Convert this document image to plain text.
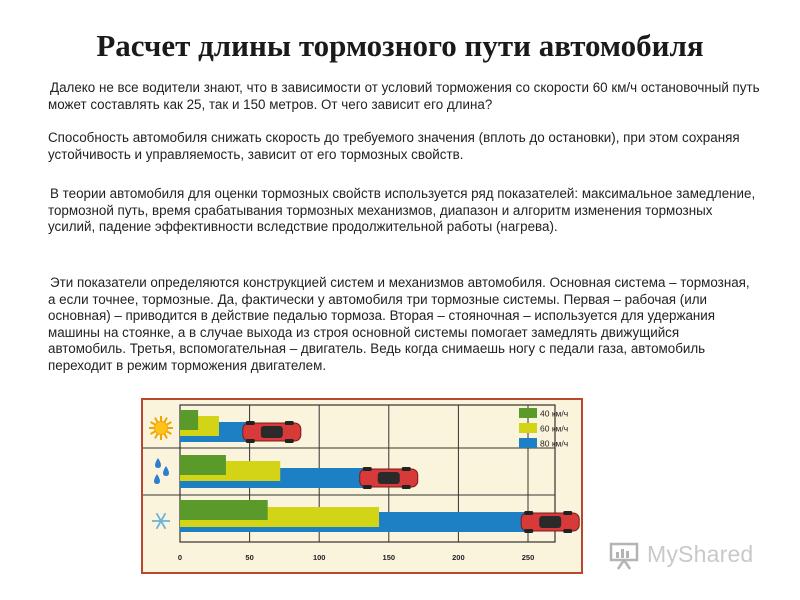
Расчет длины тормозного пути автомобиля

Далеко не все водители знают, что в зависимости от условий торможения со скорости 60 км/ч остановочный путь может составлять как 25, так и 150 метров. От чего зависит его длина?

Способность автомобиля снижать скорость до требуемого значения (вплоть до остановки), при этом сохраняя устойчивость и управляемость, зависит от его тормозных свойств.

В теории автомобиля для оценки тормозных свойств используется ряд показателей: максимальное замедление, тормозной путь, время срабатывания тормозных механизмов, диапазон и алгоритм изменения тормозных усилий, падение эффективности вследствие продолжительной работы (нагрева).

Эти показатели определяются конструкцией систем и механизмов автомобиля. Основная система – тормозная, а если точнее, тормозные. Да, фактически у автомобиля три тормозные системы. Первая – рабочая (или основная) – приводится в действие педалью тормоза. Вторая – стояночная – используется для удержания машины на стоянке, а в случае выхода из строя основной системы помогает замедлять движущийся автомобиль. Третья, вспомогательная – двигатель. Ведь когда снимаешь ногу с педали газа, автомобиль переходит в режим торможения двигателем.

0	50	100	150	200	250
40 км/ч
60 км/ч
80 км/ч
MyShared
